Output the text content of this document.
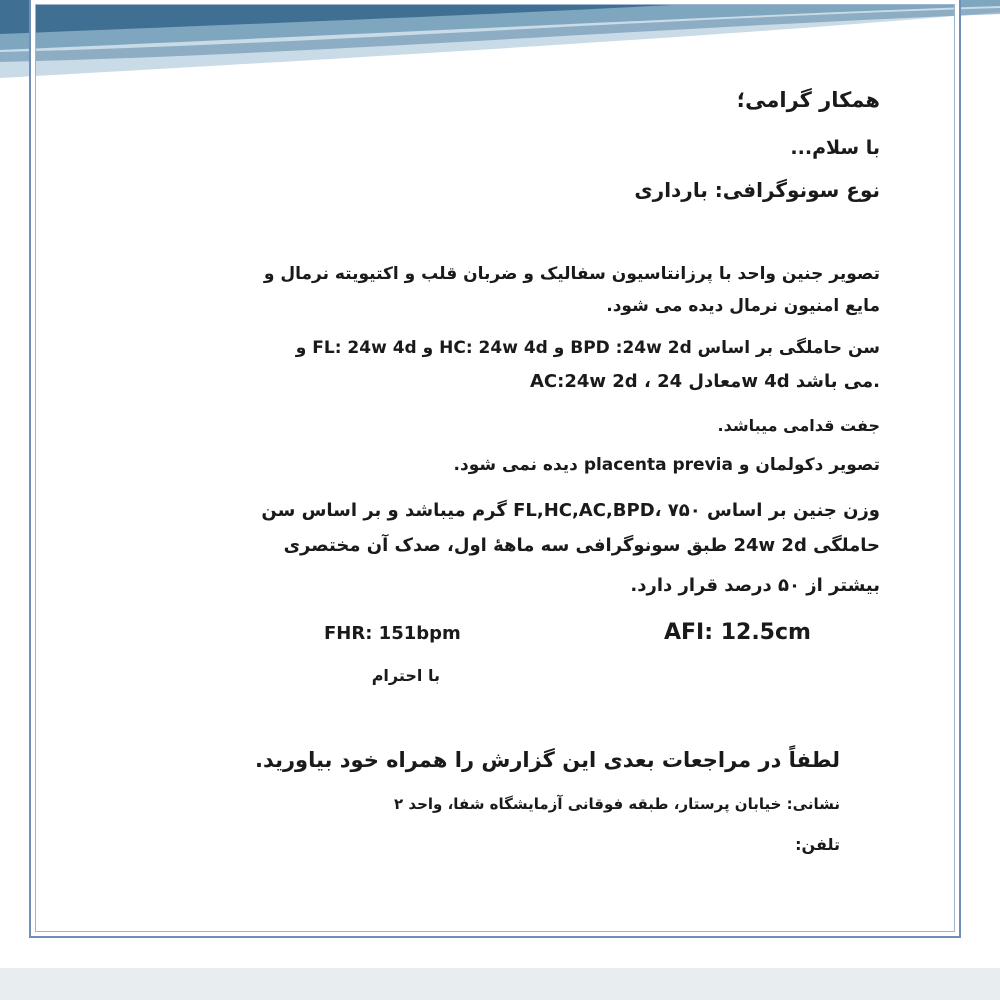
همکار گرامی؛

با سلام...

نوع سونوگرافی: بارداری

تصویر جنین واحد با پرزانتاسیون سفالیک و ضربان قلب و اکتیویته نرمال و

مایع امنیون نرمال دیده می شود.

سن حاملگی بر اساس BPD :24w 2d و HC: 24w 4d و FL: 24w 4d و

AC:24w 2d ، معادل 24w 4d می باشد.

جفت قدامی میباشد.

تصویر دکولمان و placenta previa دیده نمی شود.

وزن جنین بر اساس FL,HC,AC,BPD، ۷۵۰ گرم میباشد و بر اساس سن

حاملگی 24w 2d طبق سونوگرافی سه ماههٔ اول، صدک آن مختصری

بیشتر از ۵۰ درصد قرار دارد.

FHR: 151bpm	AFI: 12.5cm

با احترام

لطفاً در مراجعات بعدی این گزارش را همراه خود بیاورید.

نشانی: خیابان پرستار، طبقه فوقانی آزمایشگاه شفا، واحد ۲

تلفن:
